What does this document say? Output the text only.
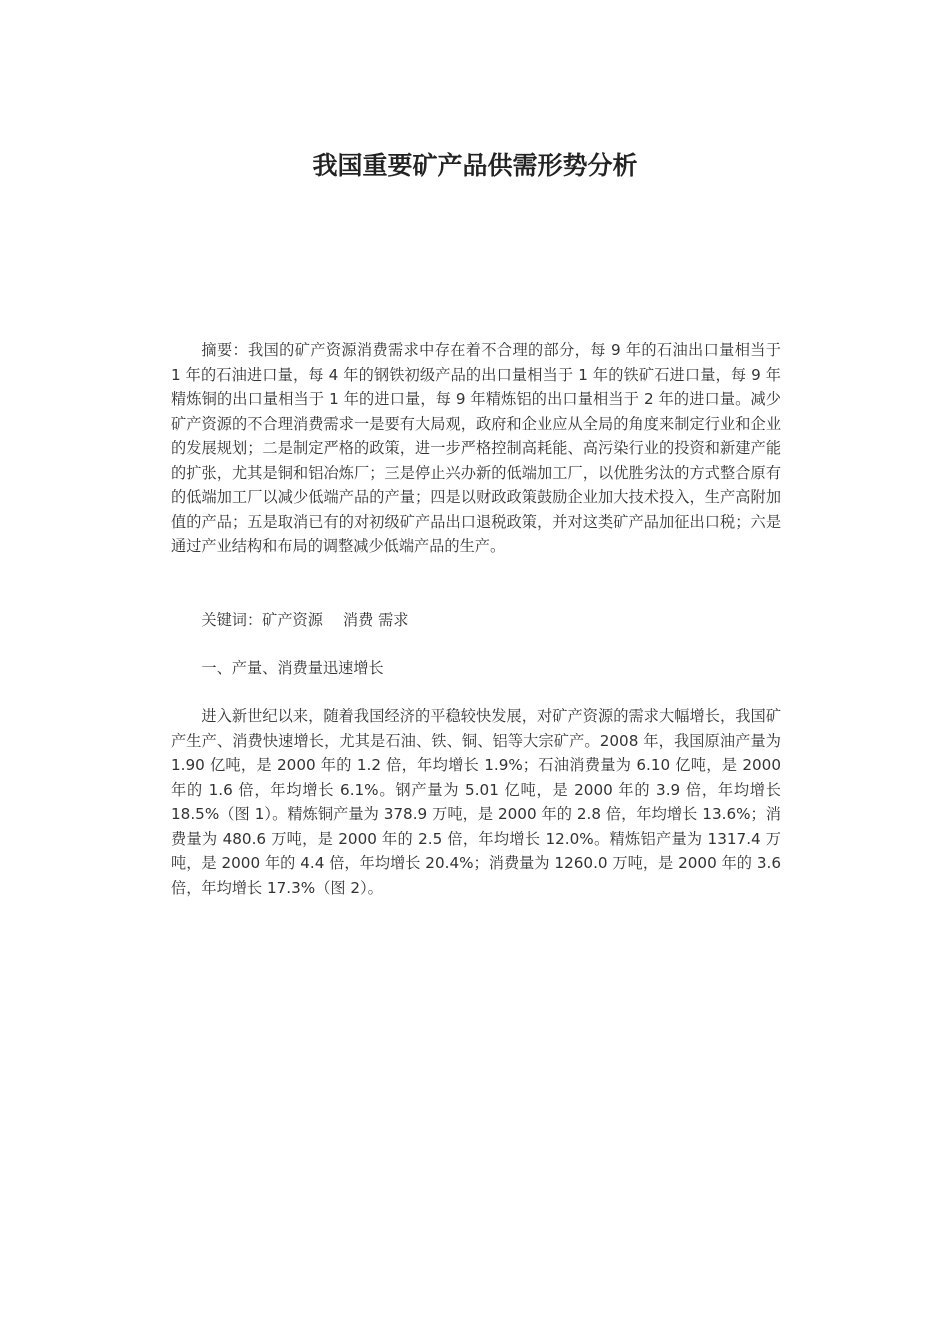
我国重要矿产品供需形势分析

摘要：我国的矿产资源消费需求中存在着不合理的部分，每 9 年的石油出口量相当于 1 年的石油进口量，每 4 年的钢铁初级产品的出口量相当于 1 年的铁矿石进口量，每 9 年精炼铜的出口量相当于 1 年的进口量，每 9 年精炼铝的出口量相当于 2 年的进口量。减少矿产资源的不合理消费需求一是要有大局观，政府和企业应从全局的角度来制定行业和企业的发展规划；二是制定严格的政策，进一步严格控制高耗能、高污染行业的投资和新建产能的扩张，尤其是铜和铝冶炼厂；三是停止兴办新的低端加工厂，以优胜劣汰的方式整合原有的低端加工厂以减少低端产品的产量；四是以财政政策鼓励企业加大技术投入，生产高附加值的产品；五是取消已有的对初级矿产品出口退税政策，并对这类矿产品加征出口税；六是通过产业结构和布局的调整减少低端产品的生产。

关键词：矿产资源　 消费 需求

一、产量、消费量迅速增长

进入新世纪以来，随着我国经济的平稳较快发展，对矿产资源的需求大幅增长，我国矿产生产、消费快速增长，尤其是石油、铁、铜、铝等大宗矿产。2008 年，我国原油产量为 1.90 亿吨，是 2000 年的 1.2 倍，年均增长 1.9%；石油消费量为 6.10 亿吨，是 2000 年的 1.6 倍，年均增长 6.1%。钢产量为 5.01 亿吨，是 2000 年的 3.9 倍，年均增长 18.5%（图 1）。精炼铜产量为 378.9 万吨，是 2000 年的 2.8 倍，年均增长 13.6%；消费量为 480.6 万吨，是 2000 年的 2.5 倍，年均增长 12.0%。精炼铝产量为 1317.4 万吨，是 2000 年的 4.4 倍，年均增长 20.4%；消费量为 1260.0 万吨，是 2000 年的 3.6 倍，年均增长 17.3%（图 2）。
